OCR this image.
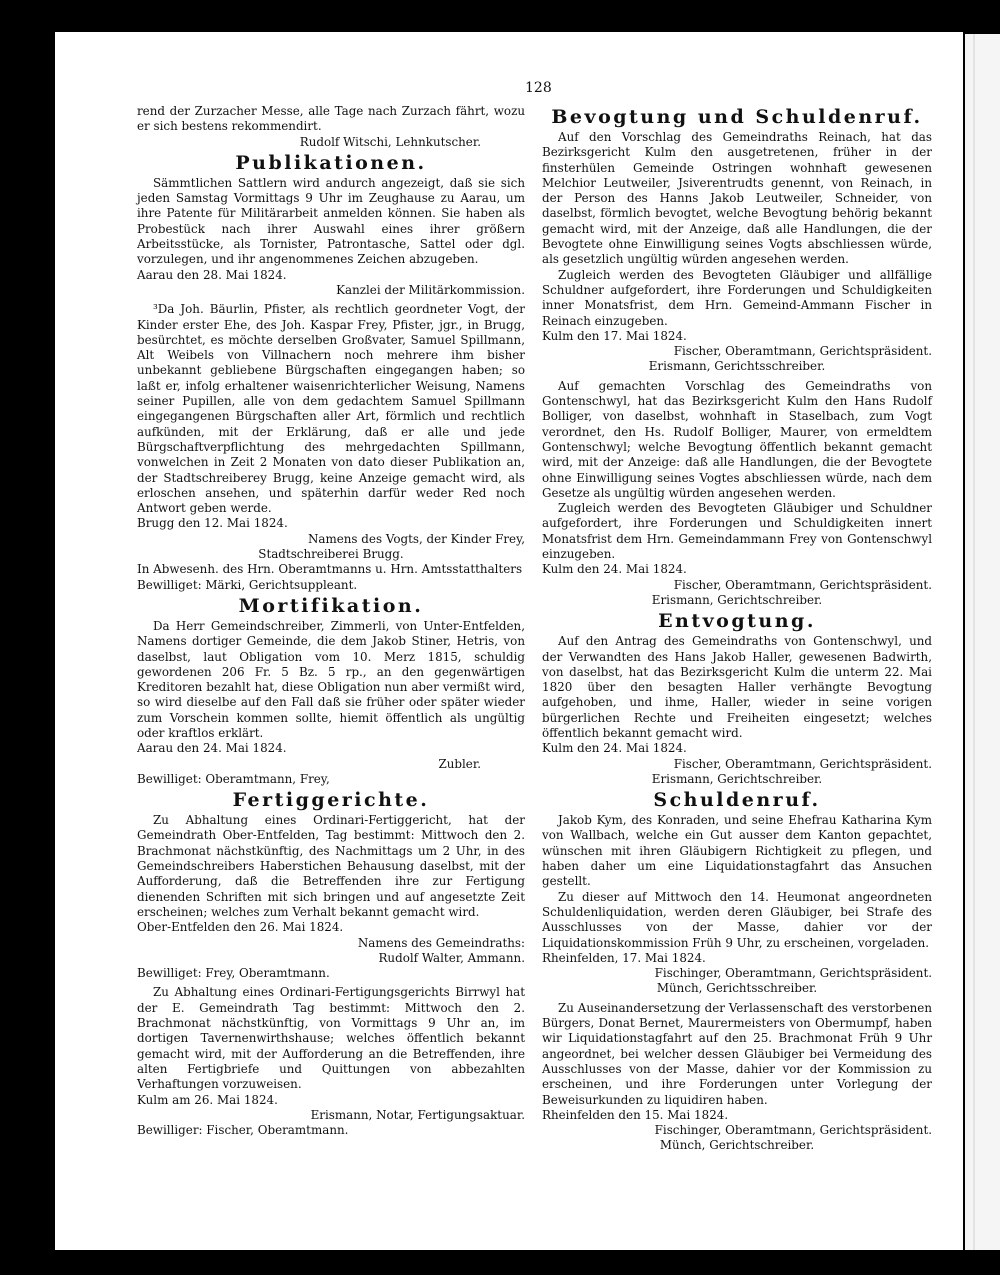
128

rend der Zurzacher Messe, alle Tage nach Zurzach fährt, wozu er sich bestens rekommendirt.

Rudolf Witschi, Lehnkutscher.

Publikationen.

Sämmtlichen Sattlern wird andurch angezeigt, daß sie sich jeden Samstag Vormittags 9 Uhr im Zeughause zu Aarau, um ihre Patente für Militärarbeit anmelden können. Sie haben als Probestück nach ihrer Auswahl eines ihrer größern Arbeitsstücke, als Tornister, Patrontasche, Sattel oder dgl. vorzulegen, und ihr angenommenes Zeichen abzugeben.

Aarau den 28. Mai 1824.

Kanzlei der Militärkommission.

³Da Joh. Bäurlin, Pfister, als rechtlich geordneter Vogt, der Kinder erster Ehe, des Joh. Kaspar Frey, Pfister, jgr., in Brugg, besürchtet, es möchte derselben Großvater, Samuel Spillmann, Alt Weibels von Villnachern noch mehrere ihm bisher unbekannt gebliebene Bürgschaften eingegangen haben; so laßt er, infolg erhaltener waisenrichterlicher Weisung, Namens seiner Pupillen, alle von dem gedachtem Samuel Spillmann eingegangenen Bürgschaften aller Art, förmlich und rechtlich aufkünden, mit der Erklärung, daß er alle und jede Bürgschaftverpflichtung des mehrgedachten Spillmann, vonwelchen in Zeit 2 Monaten von dato dieser Publikation an, der Stadtschreiberey Brugg, keine Anzeige gemacht wird, als erloschen ansehen, und späterhin darfür weder Red noch Antwort geben werde.

Brugg den 12. Mai 1824.

Namens des Vogts, der Kinder Frey,

Stadtschreiberei Brugg.

In Abwesenh. des Hrn. Oberamtmanns u. Hrn. Amtsstatthalters

Bewilliget: Märki, Gerichtsuppleant.

Mortifikation.

Da Herr Gemeindschreiber, Zimmerli, von Unter-Entfelden, Namens dortiger Gemeinde, die dem Jakob Stiner, Hetris, von daselbst, laut Obligation vom 10. Merz 1815, schuldig gewordenen 206 Fr. 5 Bz. 5 rp., an den gegenwärtigen Kreditoren bezahlt hat, diese Obligation nun aber vermißt wird, so wird dieselbe auf den Fall daß sie früher oder später wieder zum Vorschein kommen sollte, hiemit öffentlich als ungültig oder kraftlos erklärt.

Aarau den 24. Mai 1824.

Zubler.

Bewilliget: Oberamtmann, Frey,

Fertiggerichte.

Zu Abhaltung eines Ordinari-Fertiggericht, hat der Gemeindrath Ober-Entfelden, Tag bestimmt: Mittwoch den 2. Brachmonat nächstkünftig, des Nachmittags um 2 Uhr, in des Gemeindschreibers Haberstichen Behausung daselbst, mit der Aufforderung, daß die Betreffenden ihre zur Fertigung dienenden Schriften mit sich bringen und auf angesetzte Zeit erscheinen; welches zum Verhalt bekannt gemacht wird.

Ober-Entfelden den 26. Mai 1824.

Namens des Gemeindraths:

Rudolf Walter, Ammann.

Bewilliget: Frey, Oberamtmann.

Zu Abhaltung eines Ordinari-Fertigungsgerichts Birrwyl hat der E. Gemeindrath Tag bestimmt: Mittwoch den 2. Brachmonat nächstkünftig, von Vormittags 9 Uhr an, im dortigen Tavernenwirthshause; welches öffentlich bekannt gemacht wird, mit der Aufforderung an die Betreffenden, ihre alten Fertigbriefe und Quittungen von abbezahlten Verhaftungen vorzuweisen.

Kulm am 26. Mai 1824.

Erismann, Notar, Fertigungsaktuar.

Bewilliger: Fischer, Oberamtmann.

Bevogtung und Schuldenruf.

Auf den Vorschlag des Gemeindraths Reinach, hat das Bezirksgericht Kulm den ausgetretenen, früher in der finsterhülen Gemeinde Ostringen wohnhaft gewesenen Melchior Leutweiler, Jsiverentrudts genennt, von Reinach, in der Person des Hanns Jakob Leutweiler, Schneider, von daselbst, förmlich bevogtet, welche Bevogtung behörig bekannt gemacht wird, mit der Anzeige, daß alle Handlungen, die der Bevogtete ohne Einwilligung seines Vogts abschliessen würde, als gesetzlich ungültig würden angesehen werden.

Zugleich werden des Bevogteten Gläubiger und allfällige Schuldner aufgefordert, ihre Forderungen und Schuldigkeiten inner Monatsfrist, dem Hrn. Gemeind-Ammann Fischer in Reinach einzugeben.

Kulm den 17. Mai 1824.

Fischer, Oberamtmann, Gerichtspräsident.

Erismann, Gerichtsschreiber.

Auf gemachten Vorschlag des Gemeindraths von Gontenschwyl, hat das Bezirksgericht Kulm den Hans Rudolf Bolliger, von daselbst, wohnhaft in Staselbach, zum Vogt verordnet, den Hs. Rudolf Bolliger, Maurer, von ermeldtem Gontenschwyl; welche Bevogtung öffentlich bekannt gemacht wird, mit der Anzeige: daß alle Handlungen, die der Bevogtete ohne Einwilligung seines Vogtes abschliessen würde, nach dem Gesetze als ungültig würden angesehen werden.

Zugleich werden des Bevogteten Gläubiger und Schuldner aufgefordert, ihre Forderungen und Schuldigkeiten innert Monatsfrist dem Hrn. Gemeindammann Frey von Gontenschwyl einzugeben.

Kulm den 24. Mai 1824.

Fischer, Oberamtmann, Gerichtspräsident.

Erismann, Gerichtschreiber.

Entvogtung.

Auf den Antrag des Gemeindraths von Gontenschwyl, und der Verwandten des Hans Jakob Haller, gewesenen Badwirth, von daselbst, hat das Bezirksgericht Kulm die unterm 22. Mai 1820 über den besagten Haller verhängte Bevogtung aufgehoben, und ihme, Haller, wieder in seine vorigen bürgerlichen Rechte und Freiheiten eingesetzt; welches öffentlich bekannt gemacht wird.

Kulm den 24. Mai 1824.

Fischer, Oberamtmann, Gerichtspräsident.

Erismann, Gerichtschreiber.

Schuldenruf.

Jakob Kym, des Konraden, und seine Ehefrau Katharina Kym von Wallbach, welche ein Gut ausser dem Kanton gepachtet, wünschen mit ihren Gläubigern Richtigkeit zu pflegen, und haben daher um eine Liquidationstagfahrt das Ansuchen gestellt.

Zu dieser auf Mittwoch den 14. Heumonat angeordneten Schuldenliquidation, werden deren Gläubiger, bei Strafe des Ausschlusses von der Masse, dahier vor der Liquidationskommission Früh 9 Uhr, zu erscheinen, vorgeladen.

Rheinfelden, 17. Mai 1824.

Fischinger, Oberamtmann, Gerichtspräsident.

Münch, Gerichtsschreiber.

Zu Auseinandersetzung der Verlassenschaft des verstorbenen Bürgers, Donat Bernet, Maurermeisters von Obermumpf, haben wir Liquidationstagfahrt auf den 25. Brachmonat Früh 9 Uhr angeordnet, bei welcher dessen Gläubiger bei Vermeidung des Ausschlusses von der Masse, dahier vor der Kommission zu erscheinen, und ihre Forderungen unter Vorlegung der Beweisurkunden zu liquidiren haben.

Rheinfelden den 15. Mai 1824.

Fischinger, Oberamtmann, Gerichtspräsident.

Münch, Gerichtschreiber.
